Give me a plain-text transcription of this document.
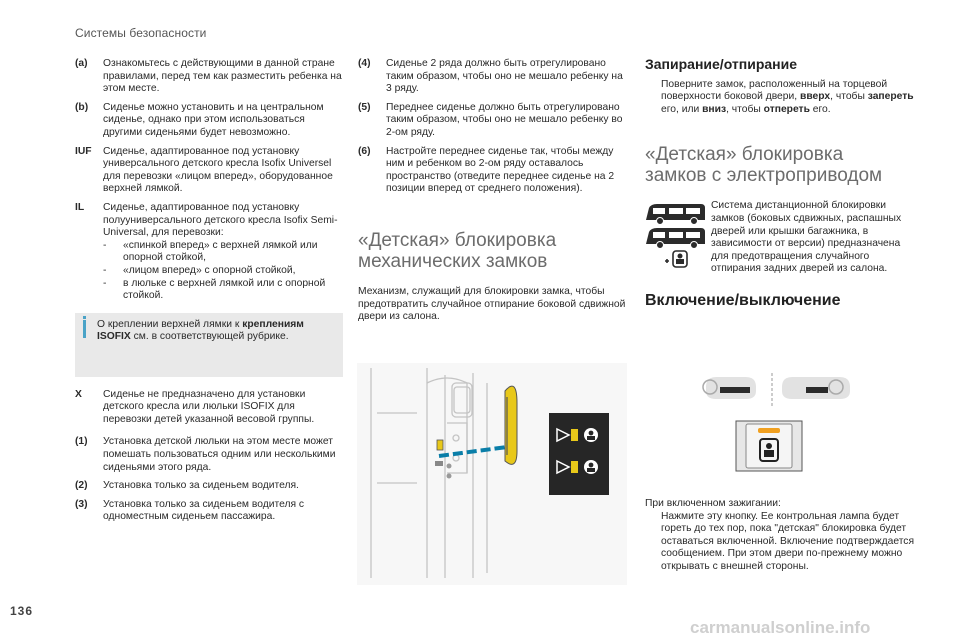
Системы безопасности
(a)	Ознакомьтесь с действующими в данной стране правилами, перед тем как разместить ребенка на этом месте.
(b)	Сиденье можно установить и на центральном сиденье, однако при этом использоваться другими сиденьями будет невозможно.
IUF	Сиденье, адаптированное под установку универсального детского кресла Isofix Universel для перевозки «лицом вперед», оборудованное верхней лямкой.
IL	Сиденье, адаптированное под установку полууниверсального детского кресла Isofix Semi-Universal, для перевозки:
-	«спинкой вперед» с верхней лямкой или опорной стойкой,
-	«лицом вперед» с опорной стойкой,
-	в люльке с верхней лямкой или с опорной стойкой.
О креплении верхней лямки к креплениям ISOFIX см. в соответствующей рубрике.
X	Сиденье не предназначено для установки детского кресла или люльки ISOFIX для перевозки детей указанной весовой группы.
(1)	Установка детской люльки на этом месте может помешать пользоваться одним или несколькими сиденьями этого ряда.
(2)	Установка только за сиденьем водителя.
(3)	Установка только за сиденьем водителя с одноместным сиденьем пассажира.
(4)	Сиденье 2 ряда должно быть отрегулировано таким образом, чтобы оно не мешало ребенку на 3 ряду.
(5)	Переднее сиденье должно быть отрегулировано таким образом, чтобы оно не мешало ребенку во 2-ом ряду.
(6)	Настройте переднее сиденье так, чтобы между ним и ребенком во 2-ом ряду оставалось пространство (отведите переднее сиденье на 2 позиции вперед от среднего положения).
«Детская» блокировка
механических замков
Механизм, служащий для блокировки замка, чтобы предотвратить случайное отпирание боковой сдвижной двери из салона.
Запирание/отпирание
Поверните замок, расположенный на торцевой поверхности боковой двери, вверх, чтобы запереть его, или вниз, чтобы отпереть его.
«Детская» блокировка
замков с электроприводом
Система дистанционной блокировки замков (боковых сдвижных, распашных дверей или крышки багажника, в зависимости от версии) предназначена для предотвращения случайного отпирания задних дверей из салона.
Включение/выключение
При включенном зажигании:
Нажмите эту кнопку. Ее контрольная лампа будет гореть до тех пор, пока "детская" блокировка будет оставаться включенной. Включение подтверждается сообщением. При этом двери по-прежнему можно открывать с внешней стороны.
136
carmanualsonline.info
